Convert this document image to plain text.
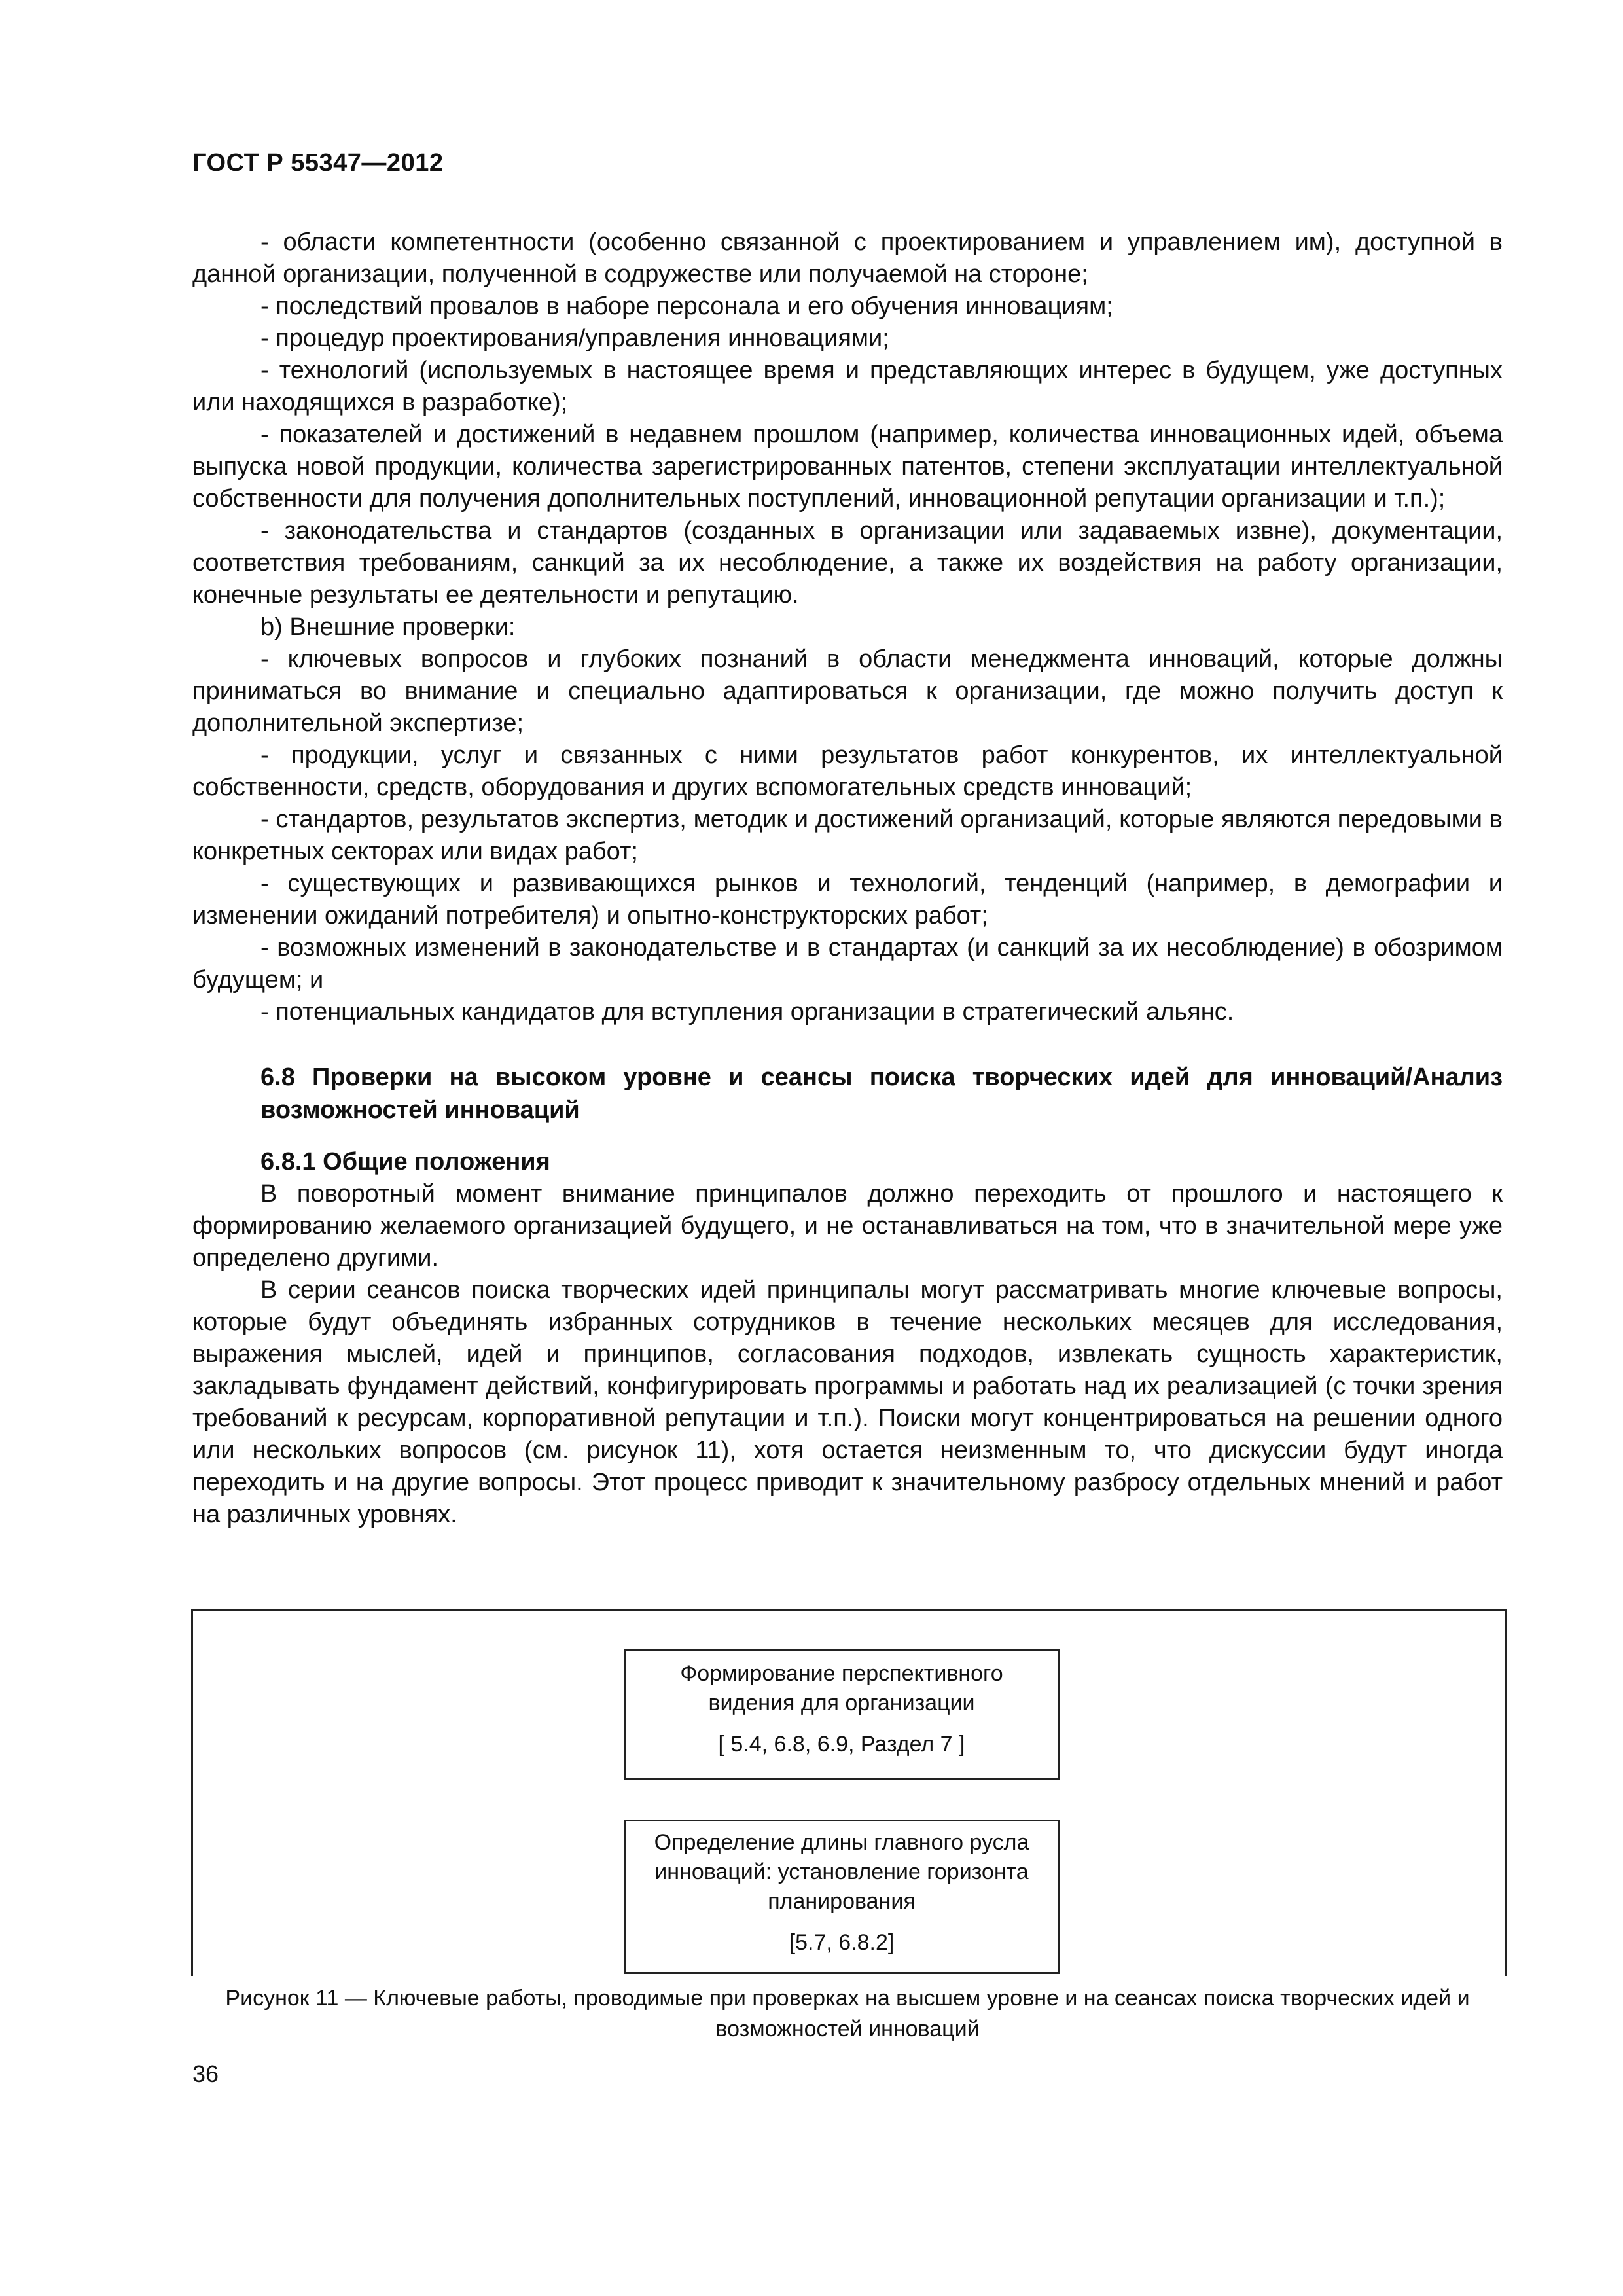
ГОСТ Р 55347—2012

- области компетентности (особенно связанной с проектированием и управлением им), доступной в данной организации, полученной в содружестве или получаемой на стороне;

- последствий провалов в наборе персонала и его обучения инновациям;

- процедур проектирования/управления инновациями;

- технологий (используемых в настоящее время и представляющих интерес в будущем, уже доступных или находящихся в разработке);

- показателей и достижений в недавнем прошлом (например, количества инновационных идей, объема выпуска новой продукции, количества зарегистрированных патентов, степени эксплуатации интеллектуальной собственности для получения дополнительных поступлений, инновационной репутации организации и т.п.);

- законодательства и стандартов (созданных в организации или задаваемых извне), документации, соответствия требованиям, санкций за их несоблюдение, а также их воздействия на работу организации, конечные результаты ее деятельности и репутацию.

b) Внешние проверки:

- ключевых вопросов и глубоких познаний в области менеджмента инноваций, которые должны приниматься во внимание и специально адаптироваться к организации, где можно получить доступ к дополнительной экспертизе;

- продукции, услуг и связанных с ними результатов работ конкурентов, их интеллектуальной собственности, средств, оборудования и других вспомогательных средств инноваций;

- стандартов, результатов экспертиз, методик и достижений организаций, которые являются передовыми в конкретных секторах или видах работ;

- существующих и развивающихся рынков и технологий, тенденций (например, в демографии и изменении ожиданий потребителя) и опытно-конструкторских работ;

- возможных изменений в законодательстве и в стандартах (и санкций за их несоблюдение) в обозримом будущем; и

- потенциальных кандидатов для вступления организации в стратегический альянс.

6.8 Проверки на высоком уровне и сеансы поиска творческих идей для инноваций/Анализ возможностей инноваций
6.8.1 Общие положения

В поворотный момент внимание принципалов должно переходить от прошлого и настоящего к формированию желаемого организацией будущего, и не останавливаться на том, что в значительной мере уже определено другими.

В серии сеансов поиска творческих идей принципалы могут рассматривать многие ключевые вопросы, которые будут объединять избранных сотрудников в течение нескольких месяцев для исследования, выражения мыслей, идей и принципов, согласования подходов, извлекать сущность характеристик, закладывать фундамент действий, конфигурировать программы и работать над их реализацией (с точки зрения требований к ресурсам, корпоративной репутации и т.п.). Поиски могут концентрироваться на решении одного или нескольких вопросов (см. рисунок 11), хотя остается неизменным то, что дискуссии будут иногда переходить и на другие вопросы. Этот процесс приводит к значительному разбросу отдельных мнений и работ на различных уровнях.

Формирование перспективного видения для организации
[ 5.4, 6.8, 6.9, Раздел 7 ]
Определение длины главного русла инноваций: установление горизонта планирования
[5.7, 6.8.2]
Рисунок 11 — Ключевые работы, проводимые при проверках на высшем уровне и на сеансах поиска творческих идей и возможностей инноваций
36
